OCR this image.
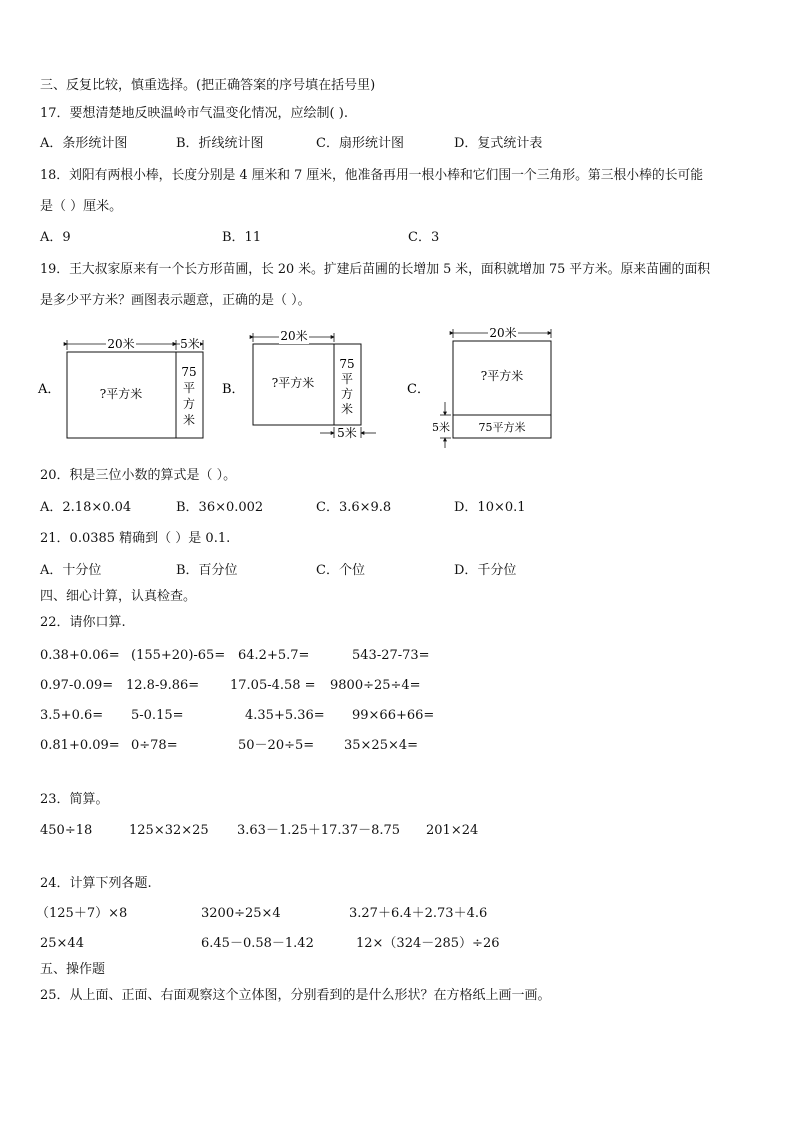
三、反复比较，慎重选择。(把正确答案的序号填在括号里)
17．要想清楚地反映温岭市气温变化情况，应绘制( ).
A．条形统计图	B．折线统计图	C．扇形统计图	D．复式统计表
18．刘阳有两根小棒，长度分别是 4 厘米和 7 厘米，他准备再用一根小棒和它们围一个三角形。第三根小棒的长可能
是（ ）厘米。
A．9	B．11	C．3
19．王大叔家原来有一个长方形苗圃，长 20 米。扩建后苗圃的长增加 5 米，面积就增加 75 平方米。原来苗圃的面积
是多少平方米？画图表示题意，正确的是（ ）。
A．
20米	5米
?平方米
75
平
方
米
B．
20米
5米
?平方米
75
平
方
米
C．
20米
5米
?平方米
75平方米
20．积是三位小数的算式是（ ）。
A．2.18×0.04	B．36×0.002	C．3.6×9.8	D．10×0.1
21．0.0385 精确到（ ）是 0.1.
A．十分位	B．百分位	C．个位	D．千分位
四、细心计算，认真检查。
22．请你口算.
0.38+0.06= (155+20)-65= 64.2+5.7=	543-27-73=
0.97-0.09= 12.8-9.86= 17.05-4.58 = 9800÷25÷4=
3.5+0.6= 5-0.15=	4.35+5.36= 99×66+66=
0.81+0.09= 0÷78=	50－20÷5= 35×25×4=
23．简算。
450÷18	125×32×25 3.63－1.25＋17.37－8.75 201×24
24．计算下列各题.
（125＋7）×8	3200÷25×4	3.27＋6.4＋2.73＋4.6
25×44	6.45－0.58－1.42	12×（324－285）÷26
五、操作题
25．从上面、正面、右面观察这个立体图，分别看到的是什么形状？在方格纸上画一画。
